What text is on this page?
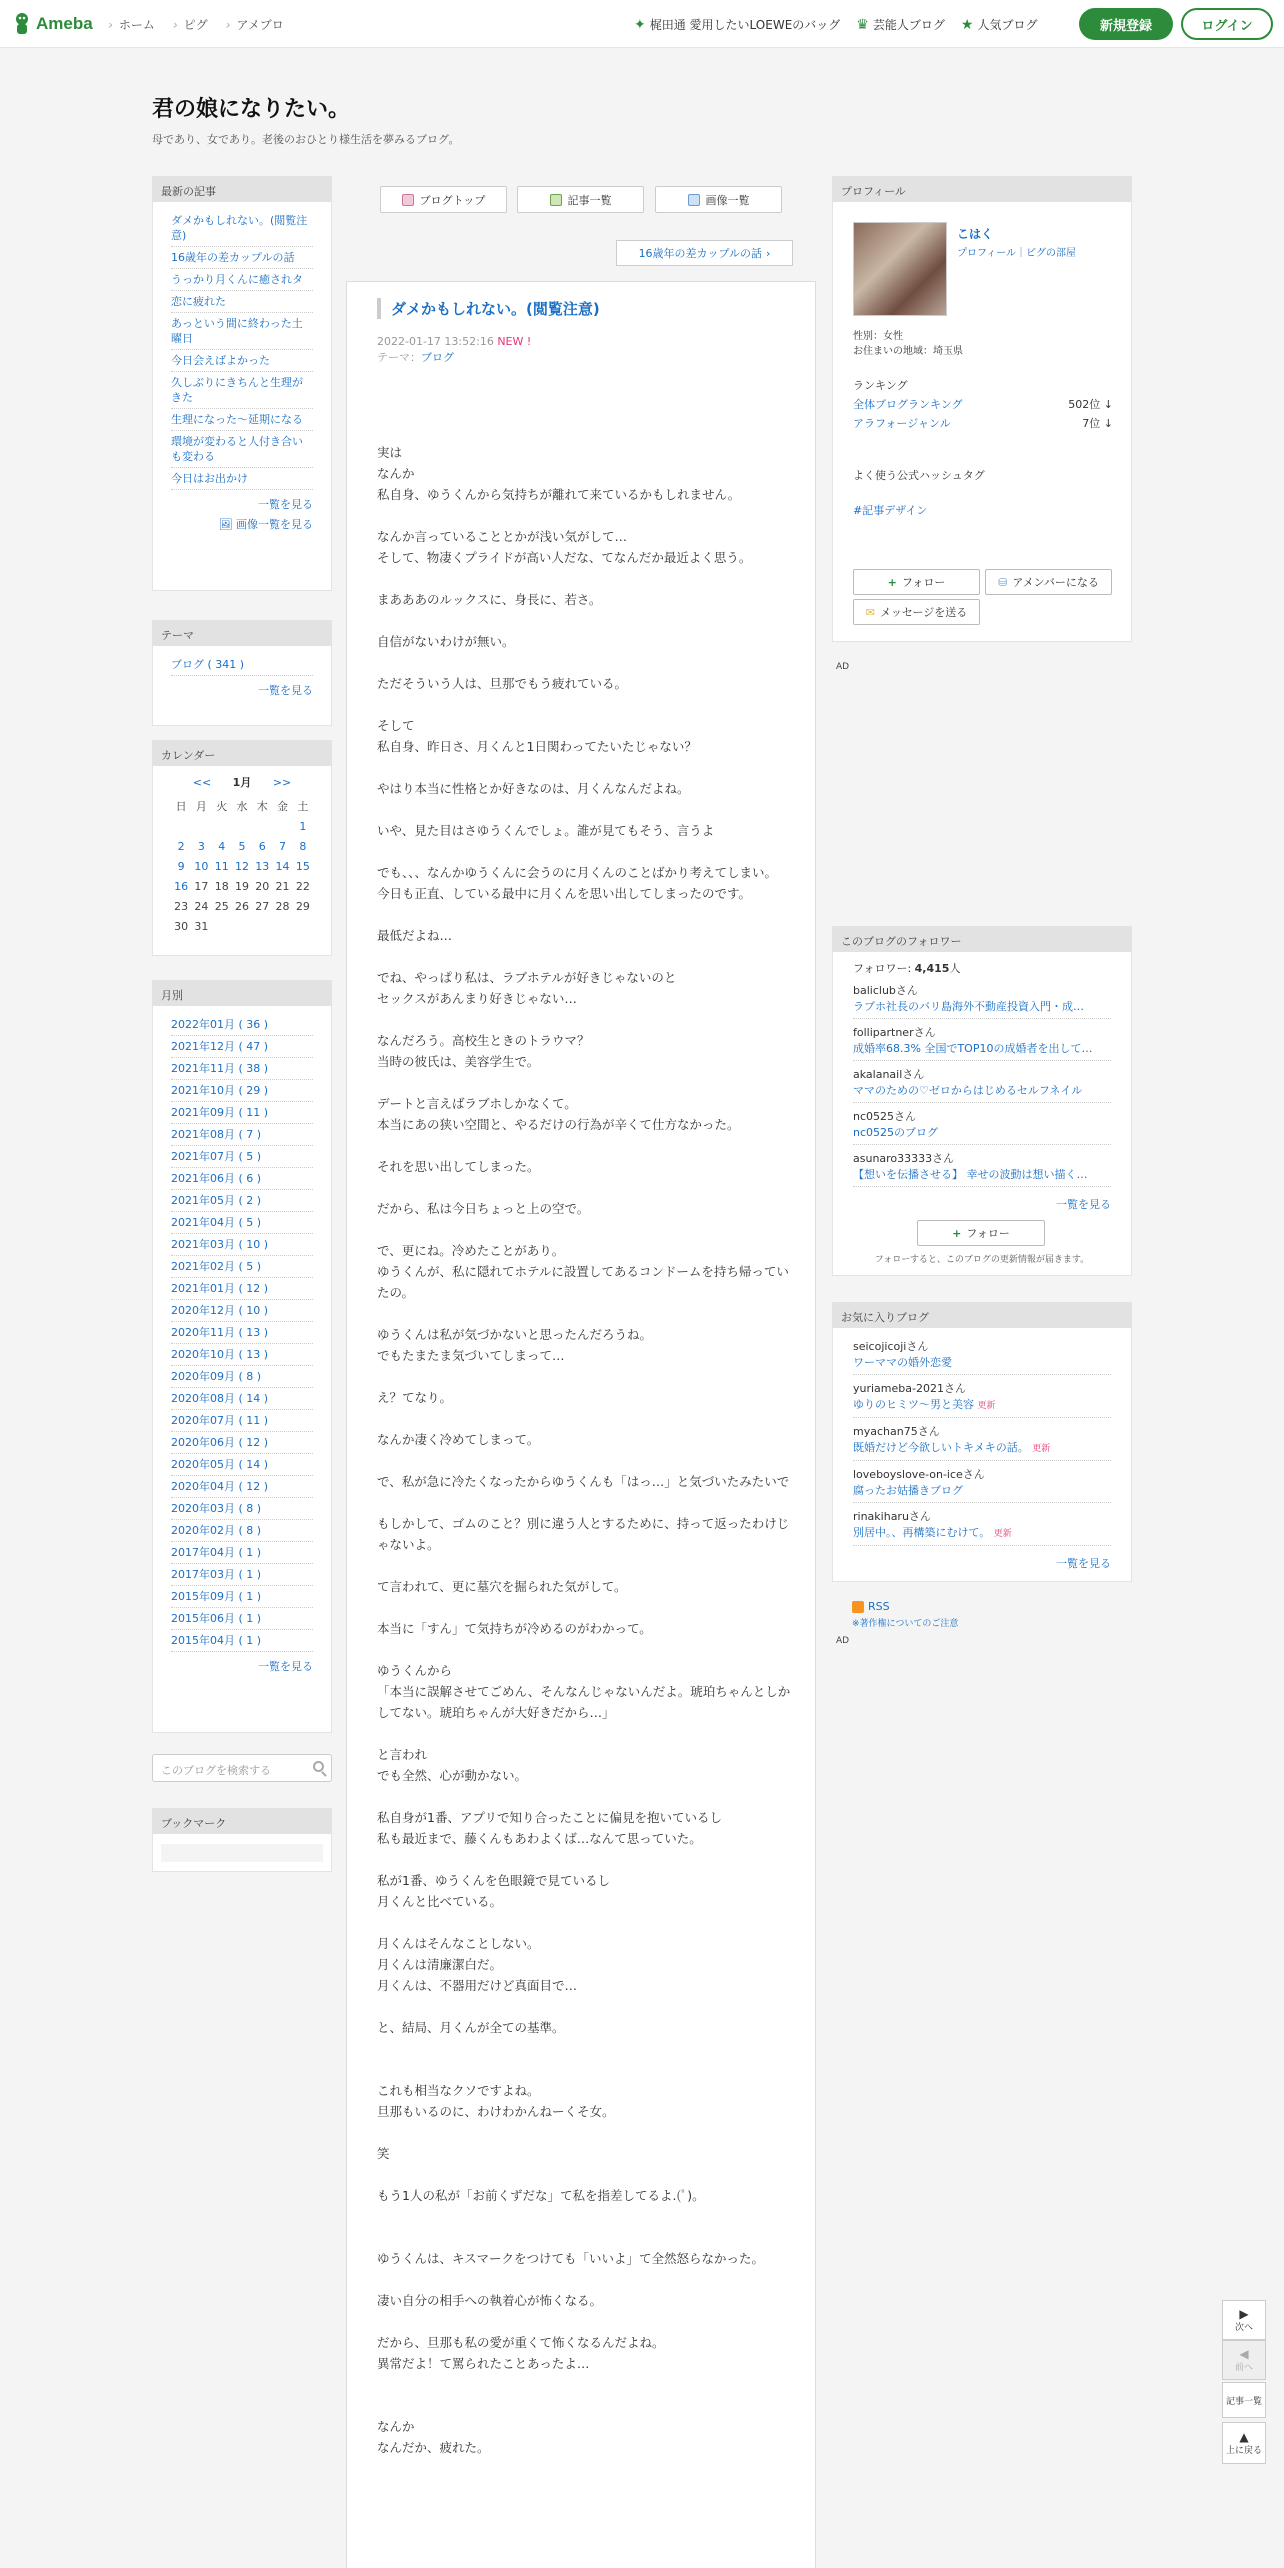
Ameba › ホーム › ピグ › アメブロ	✦ 梶田通 愛用したいLOEWEのバッグ ♛ 芸能人ブログ ★ 人気ブログ	新規登録	ログイン
君の娘になりたい。
母であり、女であり。老後のおひとり様生活を夢みるブログ。
最新の記事
ダメかもしれない。(閲覧注意)
16歳年の差カップルの話
うっかり月くんに癒されタ
恋に疲れた
あっという間に終わった土曜日
今日会えばよかった
久しぶりにきちんと生理がきた
生理になった～延期になる
環境が変わると人付き合いも変わる
今日はお出かけ
一覧を見る
🖼 画像一覧を見る
テーマ
ブログ ( 341 )
一覧を見る
カレンダー
<< 1月 >>
日	月	火	水	木	金	土
						1
2	3	4	5	6	7	8
9	10	11	12	13	14	15
16	17	18	19	20	21	22
23	24	25	26	27	28	29
30	31					
月別
2022年01月 ( 36 )
2021年12月 ( 47 )
2021年11月 ( 38 )
2021年10月 ( 29 )
2021年09月 ( 11 )
2021年08月 ( 7 )
2021年07月 ( 5 )
2021年06月 ( 6 )
2021年05月 ( 2 )
2021年04月 ( 5 )
2021年03月 ( 10 )
2021年02月 ( 5 )
2021年01月 ( 12 )
2020年12月 ( 10 )
2020年11月 ( 13 )
2020年10月 ( 13 )
2020年09月 ( 8 )
2020年08月 ( 14 )
2020年07月 ( 11 )
2020年06月 ( 12 )
2020年05月 ( 14 )
2020年04月 ( 12 )
2020年03月 ( 8 )
2020年02月 ( 8 )
2017年04月 ( 1 )
2017年03月 ( 1 )
2015年09月 ( 1 )
2015年06月 ( 1 )
2015年04月 ( 1 )
一覧を見る
このブログを検索する
ブックマーク
ブログトップ	記事一覧	画像一覧
16歳年の差カップルの話 ›
ダメかもしれない。(閲覧注意)
2022-01-17 13:52:16 NEW !
テーマ：ブログ

実は
なんか
私自身、ゆうくんから気持ちが離れて来ているかもしれません。

なんか言っていることとかが浅い気がして…
そして、物凄くプライドが高い人だな、てなんだか最近よく思う。

まあああのルックスに、身長に、若さ。

自信がないわけが無い。

ただそういう人は、旦那でもう疲れている。

そして
私自身、昨日さ、月くんと1日関わってたいたじゃない？

やはり本当に性格とか好きなのは、月くんなんだよね。

いや、見た目はさゆうくんでしょ。誰が見てもそう、言うよ

でも、、、なんかゆうくんに会うのに月くんのことばかり考えてしまい。
今日も正直、している最中に月くんを思い出してしまったのです。

最低だよね…

でね、やっぱり私は、ラブホテルが好きじゃないのと
セックスがあんまり好きじゃない…

なんだろう。高校生ときのトラウマ？
当時の彼氏は、美容学生で。

デートと言えばラブホしかなくて。
本当にあの狭い空間と、やるだけの行為が辛くて仕方なかった。

それを思い出してしまった。

だから、私は今日ちょっと上の空で。

で、更にね。冷めたことがあり。
ゆうくんが、私に隠れてホテルに設置してあるコンドームを持ち帰っていたの。

ゆうくんは私が気づかないと思ったんだろうね。
でもたまたま気づいてしまって…

え？てなり。

なんか凄く冷めてしまって。

で、私が急に冷たくなったからゆうくんも「はっ…」と気づいたみたいで

もしかして、ゴムのこと？別に違う人とするために、持って返ったわけじゃないよ。

て言われて、更に墓穴を掘られた気がして。

本当に「すん」て気持ちが冷めるのがわかって。

ゆうくんから
「本当に誤解させてごめん、そんなんじゃないんだよ。琥珀ちゃんとしかしてない。琥珀ちゃんが大好きだから…」

と言われ
でも全然、心が動かない。

私自身が1番、アプリで知り合ったことに偏見を抱いているし
私も最近まで、藤くんもあわよくば…なんて思っていた。

私が1番、ゆうくんを色眼鏡で見ているし
月くんと比べている。

月くんはそんなことしない。
月くんは清廉潔白だ。
月くんは、不器用だけど真面目で…

と、結局、月くんが全ての基準。

これも相当なクソですよね。
旦那もいるのに、わけわかんねーくそ女。

笑

もう1人の私が「お前くずだな」て私を指差してるよ.(ﾟ)。

ゆうくんは、キスマークをつけても「いいよ」て全然怒らなかった。

凄い自分の相手への執着心が怖くなる。

だから、旦那も私の愛が重くて怖くなるんだよね。
異常だよ！て罵られたことあったよ…

なんか
なんだか、疲れた。

プロフィール
こはく
プロフィール｜ピグの部屋
性別：女性
お住まいの地域：埼玉県
ランキング
全体ブログランキング	502位 ↓
アラフォージャンル	7位 ↓
よく使う公式ハッシュタグ
#記事デザイン
+ フォロー	⛁ アメンバーになる
✉ メッセージを送る
AD
このブログのフォロワー
フォロワー: 4,415人
baliclubさん
ラブホ社長のバリ島海外不動産投資入門・成…
follipartnerさん
成婚率68.3% 全国でTOP10の成婚者を出して…
akalanailさん
ママのための♡ゼロからはじめるセルフネイル
nc0525さん
nc0525のブログ
asunaro33333さん
【想いを伝播させる】 幸せの波動は想い描く…
一覧を見る
+ フォロー
フォローすると、このブログの更新情報が届きます。
お気に入りブログ
seicojicojiさん
ワーママの婚外恋愛
yuriameba-2021さん
ゆりのヒミツ〜男と美容 更新
myachan75さん
既婚だけど今欲しいトキメキの話。 更新
loveboyslove-on-iceさん
腐ったお姑播きブログ
rinakiharuさん
別居中。、再構築にむけて。 更新
一覧を見る
RSS
※著作権についてのご注意
AD
▶
次へ
◀
前へ
記事一覧
▲
上に戻る
